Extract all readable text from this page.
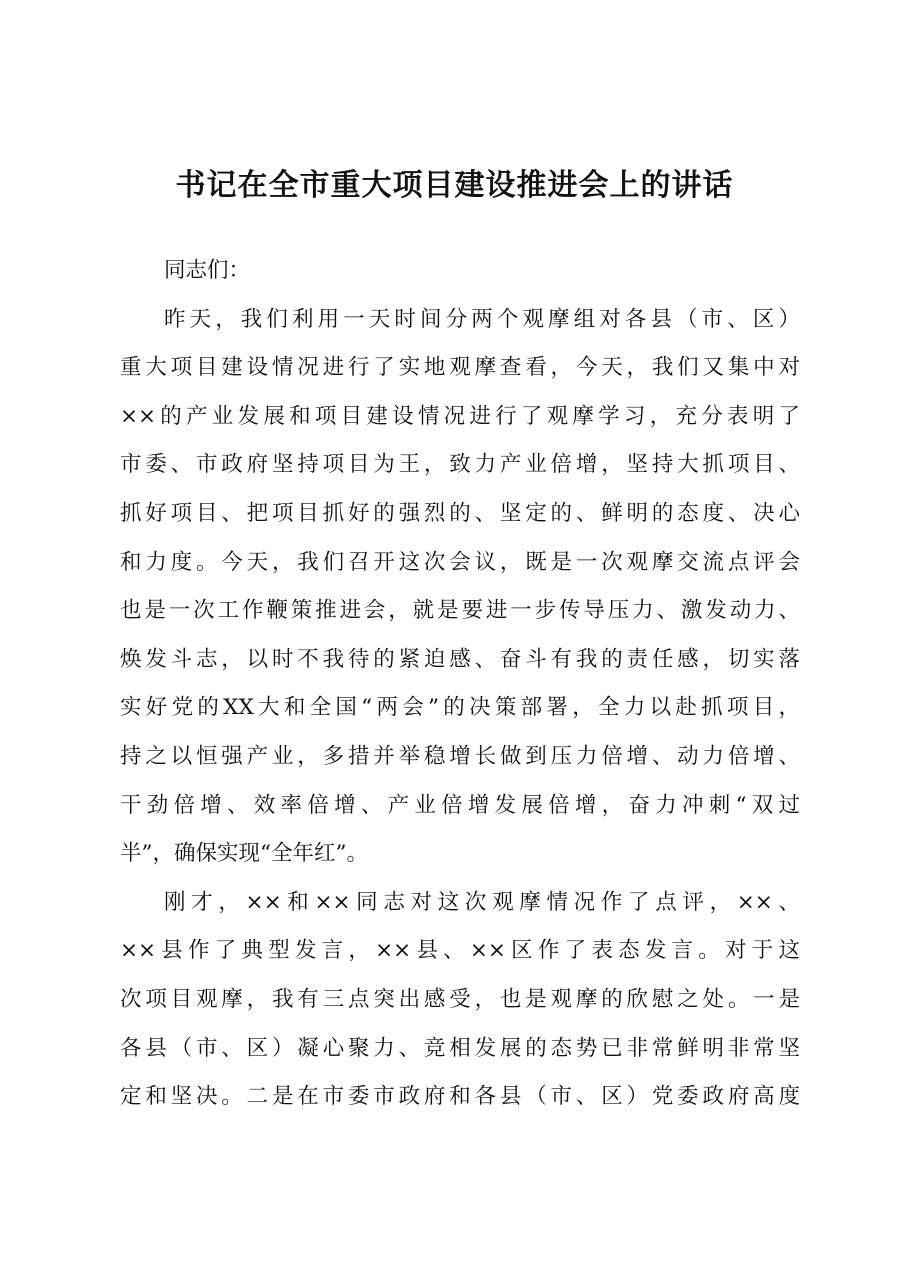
书记在全市重大项目建设推进会上的讲话
同志们：
昨天，我们利用一天时间分两个观摩组对各县（市、区）
重大项目建设情况进行了实地观摩查看，今天，我们又集中对
××的产业发展和项目建设情况进行了观摩学习，充分表明了
市委、市政府坚持项目为王，致力产业倍增，坚持大抓项目、
抓好项目、把项目抓好的强烈的、坚定的、鲜明的态度、决心
和力度。今天，我们召开这次会议，既是一次观摩交流点评会
也是一次工作鞭策推进会，就是要进一步传导压力、激发动力、
焕发斗志，以时不我待的紧迫感、奋斗有我的责任感，切实落
实好党的XX大和全国“两会”的决策部署，全力以赴抓项目，
持之以恒强产业，多措并举稳增长做到压力倍增、动力倍增、
干劲倍增、效率倍增、产业倍增发展倍增，奋力冲刺“双过
半”，确保实现“全年红”。
刚才，××和××同志对这次观摩情况作了点评，××、
××县作了典型发言，××县、××区作了表态发言。对于这
次项目观摩，我有三点突出感受，也是观摩的欣慰之处。一是
各县（市、区）凝心聚力、竞相发展的态势已非常鲜明非常坚
定和坚决。二是在市委市政府和各县（市、区）党委政府高度
